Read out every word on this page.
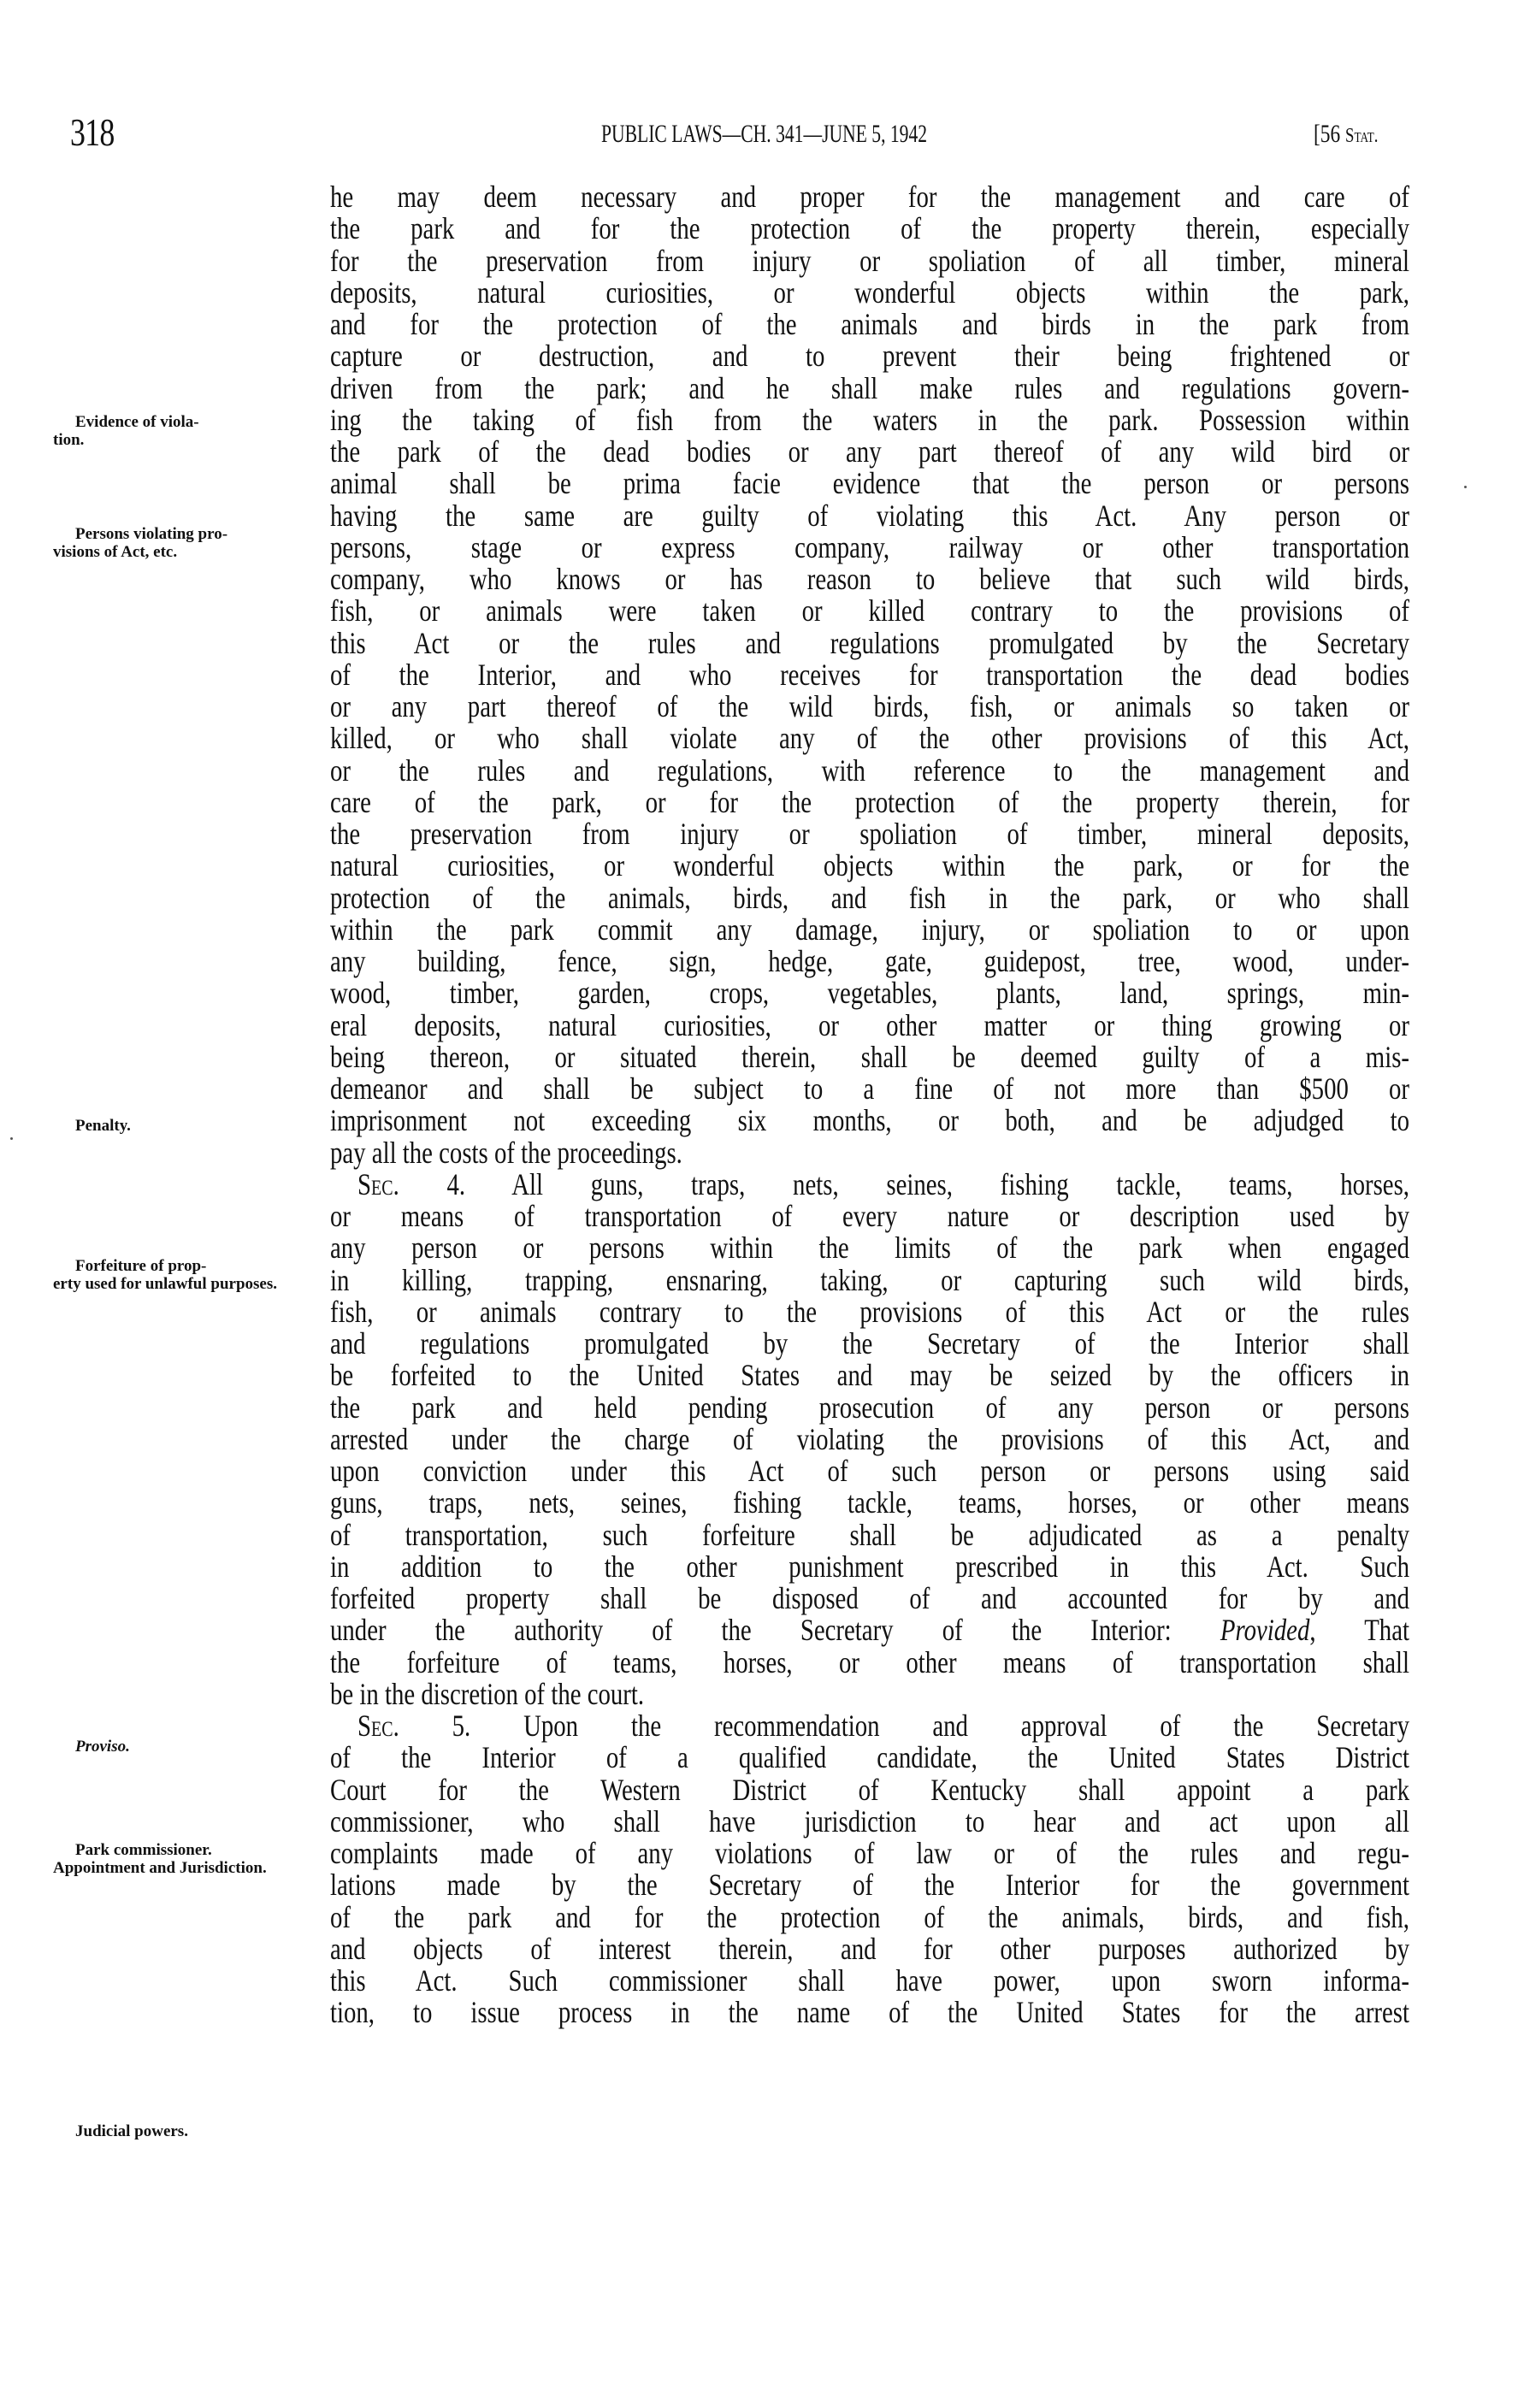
318	PUBLIC LAWS—CH. 341—JUNE 5, 1942	[56 Stat.
Evidence of viola-
tion.
Persons violating pro-
visions of Act, etc.
Penalty.
Forfeiture of prop-
erty used for unlawful purposes.
Proviso.
Park commissioner.
Appointment and Jurisdiction.
Judicial powers.
he may deem necessary and proper for the management and care of
the park and for the protection of the property therein, especially
for the preservation from injury or spoliation of all timber, mineral
deposits, natural curiosities, or wonderful objects within the park,
and for the protection of the animals and birds in the park from
capture or destruction, and to prevent their being frightened or
driven from the park; and he shall make rules and regulations govern-
ing the taking of fish from the waters in the park. Possession within
the park of the dead bodies or any part thereof of any wild bird or
animal shall be prima facie evidence that the person or persons
having the same are guilty of violating this Act. Any person or
persons, stage or express company, railway or other transportation
company, who knows or has reason to believe that such wild birds,
fish, or animals were taken or killed contrary to the provisions of
this Act or the rules and regulations promulgated by the Secretary
of the Interior, and who receives for transportation the dead bodies
or any part thereof of the wild birds, fish, or animals so taken or
killed, or who shall violate any of the other provisions of this Act,
or the rules and regulations, with reference to the management and
care of the park, or for the protection of the property therein, for
the preservation from injury or spoliation of timber, mineral deposits,
natural curiosities, or wonderful objects within the park, or for the
protection of the animals, birds, and fish in the park, or who shall
within the park commit any damage, injury, or spoliation to or upon
any building, fence, sign, hedge, gate, guidepost, tree, wood, under-
wood, timber, garden, crops, vegetables, plants, land, springs, min-
eral deposits, natural curiosities, or other matter or thing growing or
being thereon, or situated therein, shall be deemed guilty of a mis-
demeanor and shall be subject to a fine of not more than $500 or
imprisonment not exceeding six months, or both, and be adjudged to
pay all the costs of the proceedings.
Sec. 4. All guns, traps, nets, seines, fishing tackle, teams, horses,
or means of transportation of every nature or description used by
any person or persons within the limits of the park when engaged
in killing, trapping, ensnaring, taking, or capturing such wild birds,
fish, or animals contrary to the provisions of this Act or the rules
and regulations promulgated by the Secretary of the Interior shall
be forfeited to the United States and may be seized by the officers in
the park and held pending prosecution of any person or persons
arrested under the charge of violating the provisions of this Act, and
upon conviction under this Act of such person or persons using said
guns, traps, nets, seines, fishing tackle, teams, horses, or other means
of transportation, such forfeiture shall be adjudicated as a penalty
in addition to the other punishment prescribed in this Act. Such
forfeited property shall be disposed of and accounted for by and
under the authority of the Secretary of the Interior: Provided, That
the forfeiture of teams, horses, or other means of transportation shall
be in the discretion of the court.
Sec. 5. Upon the recommendation and approval of the Secretary
of the Interior of a qualified candidate, the United States District
Court for the Western District of Kentucky shall appoint a park
commissioner, who shall have jurisdiction to hear and act upon all
complaints made of any violations of law or of the rules and regu-
lations made by the Secretary of the Interior for the government
of the park and for the protection of the animals, birds, and fish,
and objects of interest therein, and for other purposes authorized by
this Act. Such commissioner shall have power, upon sworn informa-
tion, to issue process in the name of the United States for the arrest
